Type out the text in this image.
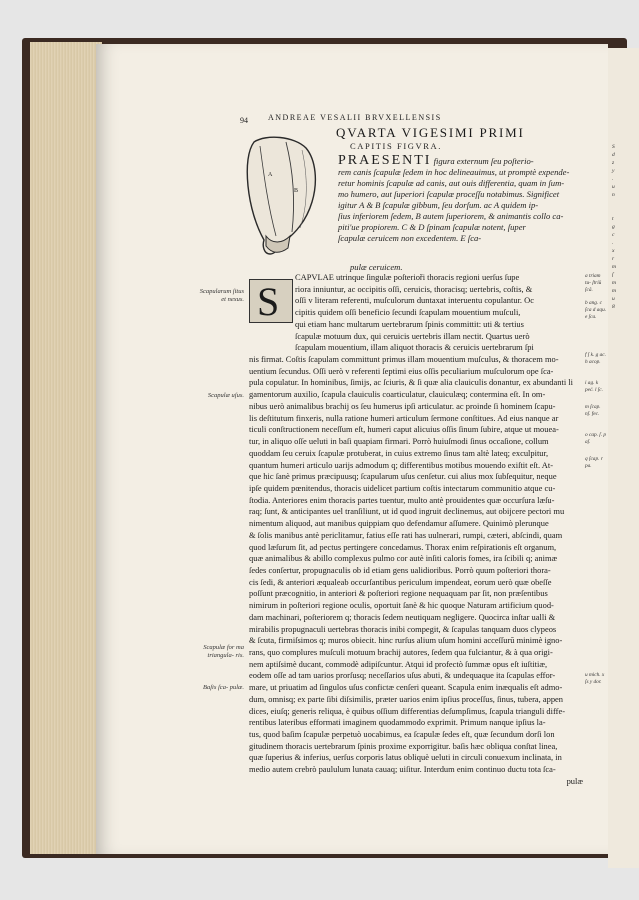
S
d
z
y
.
u
n

t
g
c
.
x
r
m
ſ
m
m
u
8
94	ANDREAE VESALII BRVXELLENSIS
QVARTA VIGESIMI PRIMI
CAPITIS FIGVRA.
A
B

PRAESENTI figura externum ſeu poſterio-

rem canis ſcapulæ ſedem in hoc delineauimus, ut promptè expende-

retur hominis ſcapulæ ad canis, aut ouis differentia, quam in ſum-

mo humero, aut ſuperiori ſcapulæ proceſſu notabimus. Significet

igitur A & B ſcapulæ gibbum, ſeu dorſum. ac A quidem ip-

ſius inferiorem ſedem, B autem ſuperiorem, & animantis collo ca-

piti'ue propiorem. C & D ſpinam ſcapulæ notent, ſuper

ſcapulæ ceruicem non excedentem. E ſca-

pulæ ceruicem.
S
CAPVLAE utrinque ſingulæ poſterioři thoracis regioni uerſus ſupe
riora inniuntur, ac occipitis oſſi, ceruicis, thoracisq; uertebris, coſtis, &
oſſi v literam referenti, muſculorum duntaxat interuentu copulantur. Oc
cipitis quidem oſſi beneficio ſecundi ſcapulam mouentium muſculi,
qui etiam hanc multarum uertebrarum ſpinis committit: uti & tertius
ſcapulæ motuum dux, qui ceruicis uertebris illam nectit. Quartus uerò
ſcapulam mouentium, illam aliquot thoracis & ceruicis uertebrarum ſpi
nis firmat. Coſtis ſcapulam committunt primus illam mouentium muſculus, & thoracem mo-
uentium ſecundus. Oſſi uerò v referenti ſeptimi eius oſſis peculiarium muſculorum ope ſca-
pula copulatur. In hominibus, ſimijs, ac ſciuris, & ſi quæ alia clauiculis donantur, ex abundanti li
gamentorum auxilio, ſcapula clauiculis coarticulatur, clauiculæq; contermina eſt. In om-
nibus uerò animalibus brachij os ſeu humerus ipſi articulatur. ac proinde ſi hominem ſcapu-
lis deſtitutum finxeris, nulla ratione humeri articulum ſermone conſtitues. Ad eius nanque ar
ticuli conſtructionem neceſſum eſt, humeri caput alicuius oſſis ſinum ſubire, atque ut mouea-
tur, in aliquo oſſe ueluti in baſi quapiam firmari. Porrò huiuſmodi ſinus occaſione, collum
quoddam ſeu ceruix ſcapulæ protuberat, in cuius extremo ſinus tam altè lateq; exculpitur,
quantum humeri articulo uarijs admodum q; differentibus motibus mouendo exiſtit eſt. At-
que hic ſanè primus præcipuusq; ſcapularum uſus cenſetur. cui alius mox ſubſequitur, neque
ipſe quidem pœnitendus, thoracis uidelicet partium coſtis intectarum communitio atque cu-
ſtodia. Anteriores enim thoracis partes tuentur, multo antè prouidentes quæ occurſura læſu-
raq; ſunt, & anticipantes uel tranſiliunt, ut id quod ingruit declinemus, aut obijcere pectori mu
nimentum aliquod, aut manibus quippiam quo defendamur aſſumere. Quinimò plerunque
& ſolis manibus antè periclitamur, fatius eſſe rati has uulnerari, rumpi, cæteri, abſcindi, quam
quod læſurum ſit, ad pectus pertingere concedamus. Thorax enim reſpirationis eſt organum,
quæ animalibus & abillo complexus pulmo cor autè inſiti caloris fomes, ira ſcibili q; animæ
ſedes conſertur, propugnaculis ob id etiam gens ualidioribus. Porrò quum poſteriori thora-
cis ſedi, & anteriori æqualeab occurſantibus periculum impendeat, eorum uerò quæ obeſſe
poſſunt præcognitio, in anteriori & poſteriori regione nequaquam par ſit, non præſentibus
nimirum in poſteriori regione oculis, oportuit ſanè & hic quoque Naturam artificium quod-
dam machinari, poſteriorem q; thoracis ſedem neutiquam negligere. Quocirca inſtar ualli &
mirabilis propugnaculi uertebras thoracis inibi compegit, & ſcapulas tanquam duos clypeos
& ſcuta, firmiſsimos q; muros obiecit. hinc rurſus alium uſum homini acceſſurū minimè igno-
rans, quo complures muſculi motuum brachij autores, ſedem qua fulciantur, & à qua origi-
nem aptiſsimè ducant, commodè adipiſcuntur. Atqui id profectò ſummæ opus eſt iuſtitiæ,
eodem oſſe ad tam uarios prorſusq; neceſſarios uſus abuti, & undequaque ita ſcapulas effor-
mare, ut priuatim ad ſingulos uſus confictæ cenſeri queant. Scapula enim inæqualis eſt admo-
dum, omnisq; ex parte ſibi diſsimilis, præter uarios enim ipſius proceſſus, ſinus, tubera, appen
dices, eiuſq; generis reliqua, è quibus oſſium differentias deſumpſimus, ſcapula trianguli diffe-
rentibus lateribus efformati imaginem quodammodo exprimit. Primum nanque ipſius la-
tus, quod baſim ſcapulæ perpetuò uocabimus, ea ſcapulæ ſedes eſt, quæ ſecundum dorſi lon
gitudinem thoracis uertebrarum ſpinis proxime exporrigitur. baſis hæc obliqua conſtat linea,
quæ ſuperius & inferius, uerſus corporis latus obliquè ueluti in circuli conuexum inclinata, in
medio autem crebrò paululum lunata cauaq; uiſitur. Interdum enim continuo ductu tota ſca-
pulæ
Scapularum ſitus et nexus.
Scapulæ uſus.
Scapulæ for ma triangula- ris.
Baſis ſca- pulæ.
a triam tu- ſtriū ſcă.
b ang. c ſca d aqu. e ſca.
f ſ k. g ac. h acop.
i ag. k peć. l ſc.
m ſcap. nſ. fec.
o cap. ſ. p aſ.
q ſcap. r pa.
u mich. x ſs y dor.
